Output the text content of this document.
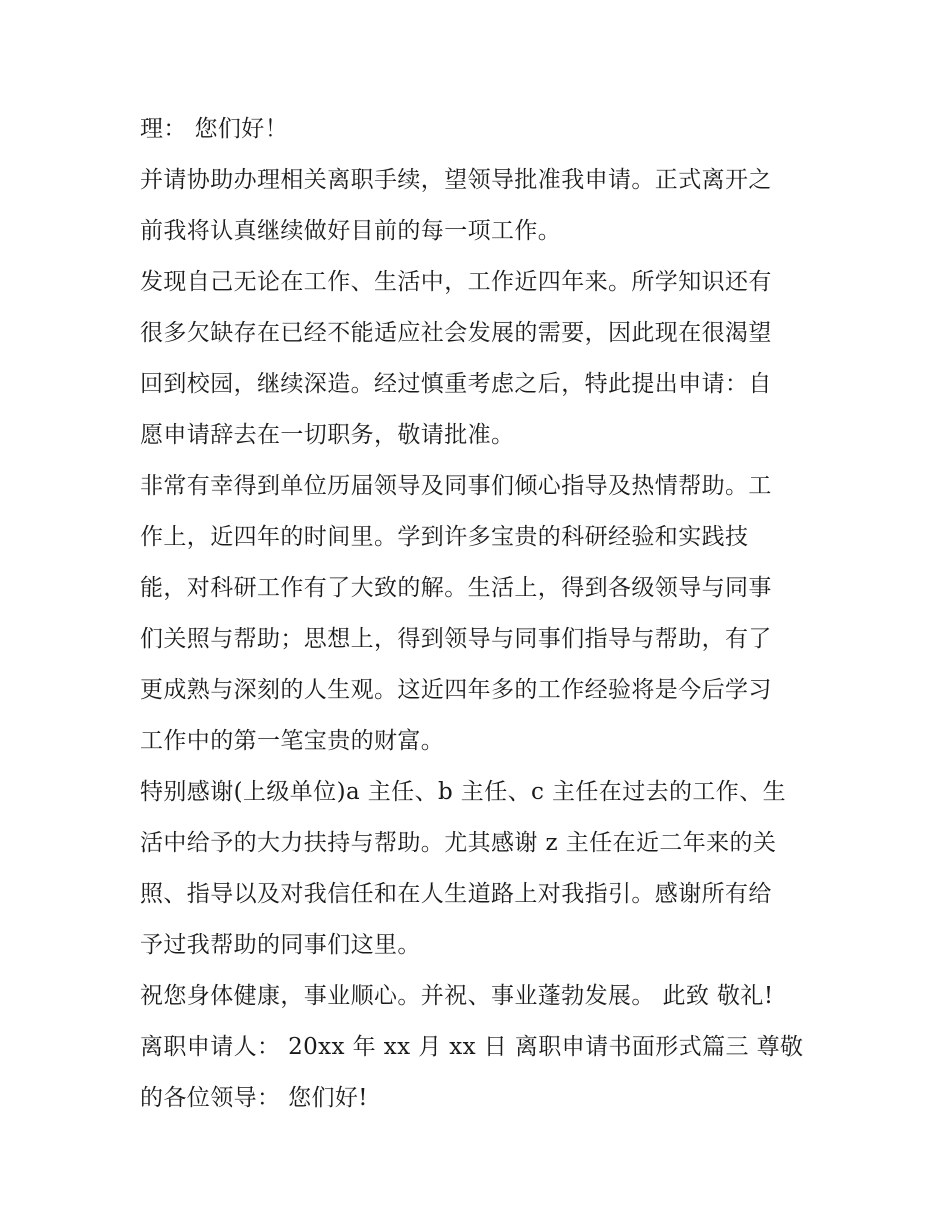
理： 您们好！
并请协助办理相关离职手续，望领导批准我申请。正式离开之
前我将认真继续做好目前的每一项工作。
发现自己无论在工作、生活中，工作近四年来。所学知识还有
很多欠缺存在已经不能适应社会发展的需要，因此现在很渴望
回到校园，继续深造。经过慎重考虑之后，特此提出申请：自
愿申请辞去在一切职务，敬请批准。
非常有幸得到单位历届领导及同事们倾心指导及热情帮助。工
作上，近四年的时间里。学到许多宝贵的科研经验和实践技
能，对科研工作有了大致的解。生活上，得到各级领导与同事
们关照与帮助；思想上，得到领导与同事们指导与帮助，有了
更成熟与深刻的人生观。这近四年多的工作经验将是今后学习
工作中的第一笔宝贵的财富。
特别感谢(上级单位)a 主任、b 主任、c 主任在过去的工作、生
活中给予的大力扶持与帮助。尤其感谢 z 主任在近二年来的关
照、指导以及对我信任和在人生道路上对我指引。感谢所有给
予过我帮助的同事们这里。
祝您身体健康，事业顺心。并祝、事业蓬勃发展。 此致 敬礼!
离职申请人： 20xx 年 xx 月 xx 日 离职申请书面形式篇三 尊敬
的各位领导： 您们好!
